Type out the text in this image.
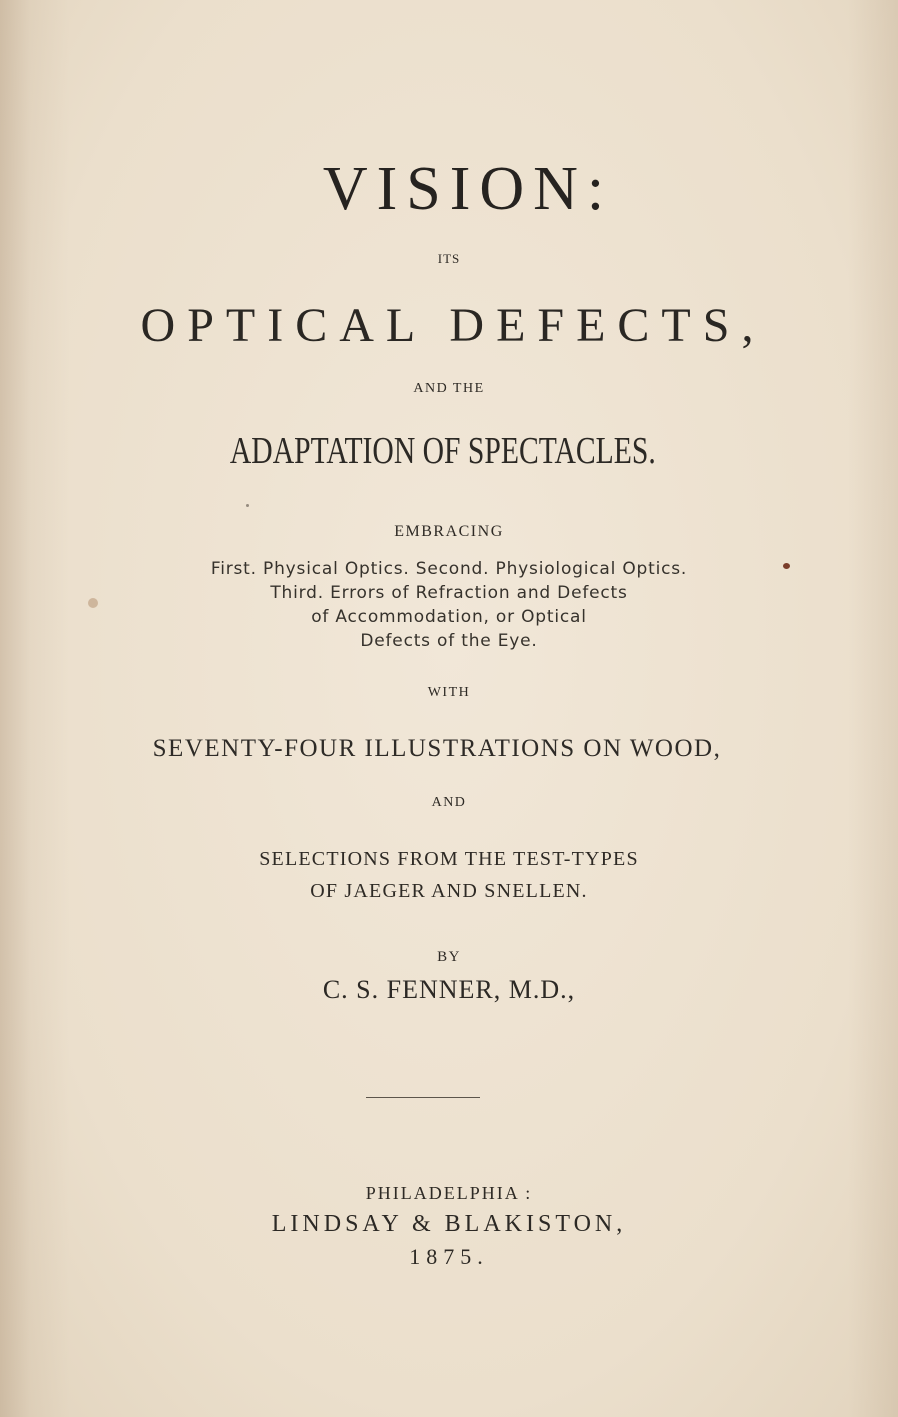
VISION:
ITS
OPTICAL DEFECTS,
AND THE
ADAPTATION OF SPECTACLES.
EMBRACING
First. Physical Optics. Second. Physiological Optics.
Third. Errors of Refraction and Defects
of Accommodation, or Optical
Defects of the Eye.
WITH
SEVENTY-FOUR ILLUSTRATIONS ON WOOD,
AND
SELECTIONS FROM THE TEST-TYPES
OF JAEGER AND SNELLEN.
BY
C. S. FENNER, M.D.,
PHILADELPHIA :
LINDSAY & BLAKISTON,
1875.
